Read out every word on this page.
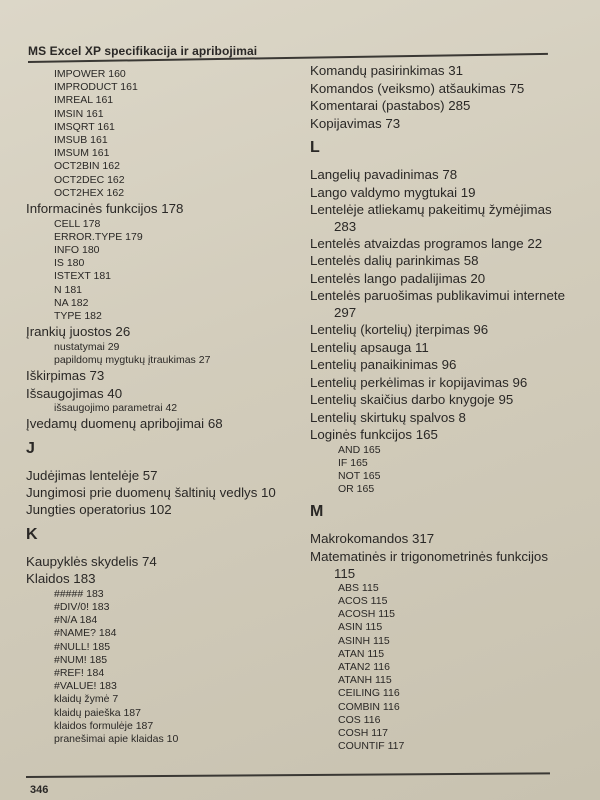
MS Excel XP specifikacija ir apribojimai
IMPOWER 160
IMPRODUCT 161
IMREAL 161
IMSIN 161
IMSQRT 161
IMSUB 161
IMSUM 161
OCT2BIN 162
OCT2DEC 162
OCT2HEX 162
Informacinės funkcijos 178
CELL 178
ERROR.TYPE 179
INFO 180
IS 180
ISTEXT 181
N 181
NA 182
TYPE 182
Įrankių juostos 26
nustatymai 29
papildomų mygtukų įtraukimas 27
Iškirpimas 73
Išsaugojimas 40
išsaugojimo parametrai 42
Įvedamų duomenų apribojimai 68
J
Judėjimas lentelėje 57
Jungimosi prie duomenų šaltinių vedlys 10
Jungties operatorius 102
K
Kaupyklės skydelis 74
Klaidos 183
##### 183
#DIV/0! 183
#N/A 184
#NAME? 184
#NULL! 185
#NUM! 185
#REF! 184
#VALUE! 183
klaidų žymė 7
klaidų paieška 187
klaidos formulėje 187
pranešimai apie klaidas 10
Komandų pasirinkimas 31
Komandos (veiksmo) atšaukimas 75
Komentarai (pastabos) 285
Kopijavimas 73
L
Langelių pavadinimas 78
Lango valdymo mygtukai 19
Lentelėje atliekamų pakeitimų žymėjimas 283
Lentelės atvaizdas programos lange 22
Lentelės dalių parinkimas 58
Lentelės lango padalijimas 20
Lentelės paruošimas publikavimui internete 297
Lentelių (kortelių) įterpimas 96
Lentelių apsauga 11
Lentelių panaikinimas 96
Lentelių perkėlimas ir kopijavimas 96
Lentelių skaičius darbo knygoje 95
Lentelių skirtukų spalvos 8
Loginės funkcijos 165
AND 165
IF 165
NOT 165
OR 165
M
Makrokomandos 317
Matematinės ir trigonometrinės funkcijos 115
ABS 115
ACOS 115
ACOSH 115
ASIN 115
ASINH 115
ATAN 115
ATAN2 116
ATANH 115
CEILING 116
COMBIN 116
COS 116
COSH 117
COUNTIF 117
346
